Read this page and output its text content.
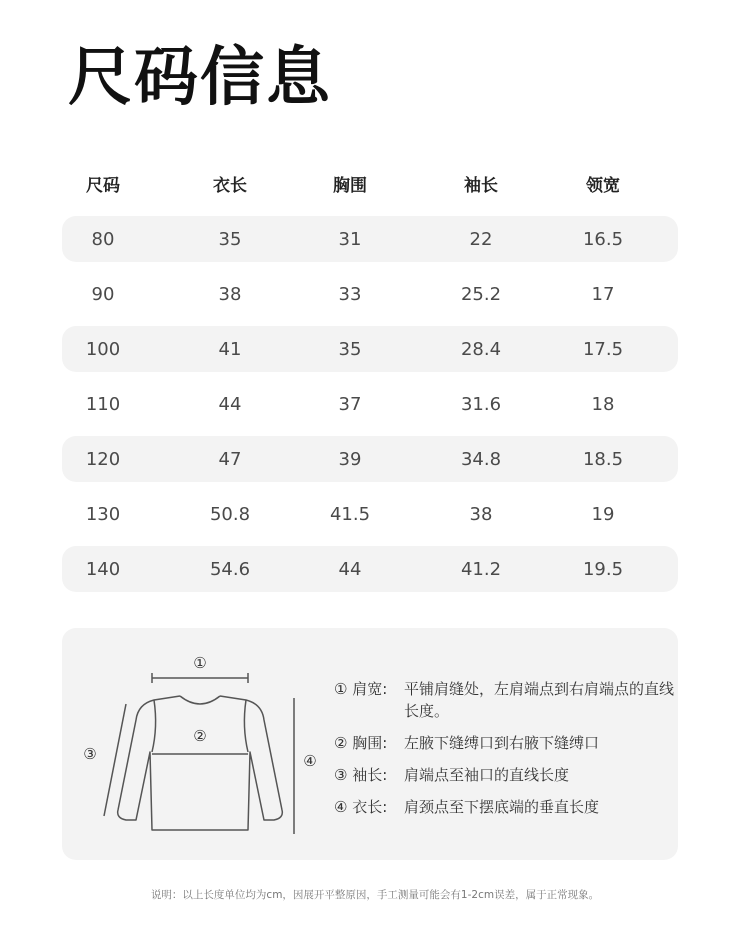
尺码信息
尺码	衣长	胸围	袖长	领宽
80	35	31	22	16.5
90	38	33	25.2	17
100	41	35	28.4	17.5
110	44	37	31.6	18
120	47	39	34.8	18.5
130	50.8	41.5	38	19
140	54.6	44	41.2	19.5
①
②
③	④
① 肩宽: 平铺肩缝处，左肩端点到右肩端点的直线长度。
② 胸围: 左腋下缝缚口到右腋下缝缚口
③ 袖长: 肩端点至袖口的直线长度
④ 衣长: 肩颈点至下摆底端的垂直长度
说明：以上长度单位均为cm，因展开平整原因，手工测量可能会有1-2cm误差，属于正常现象。
